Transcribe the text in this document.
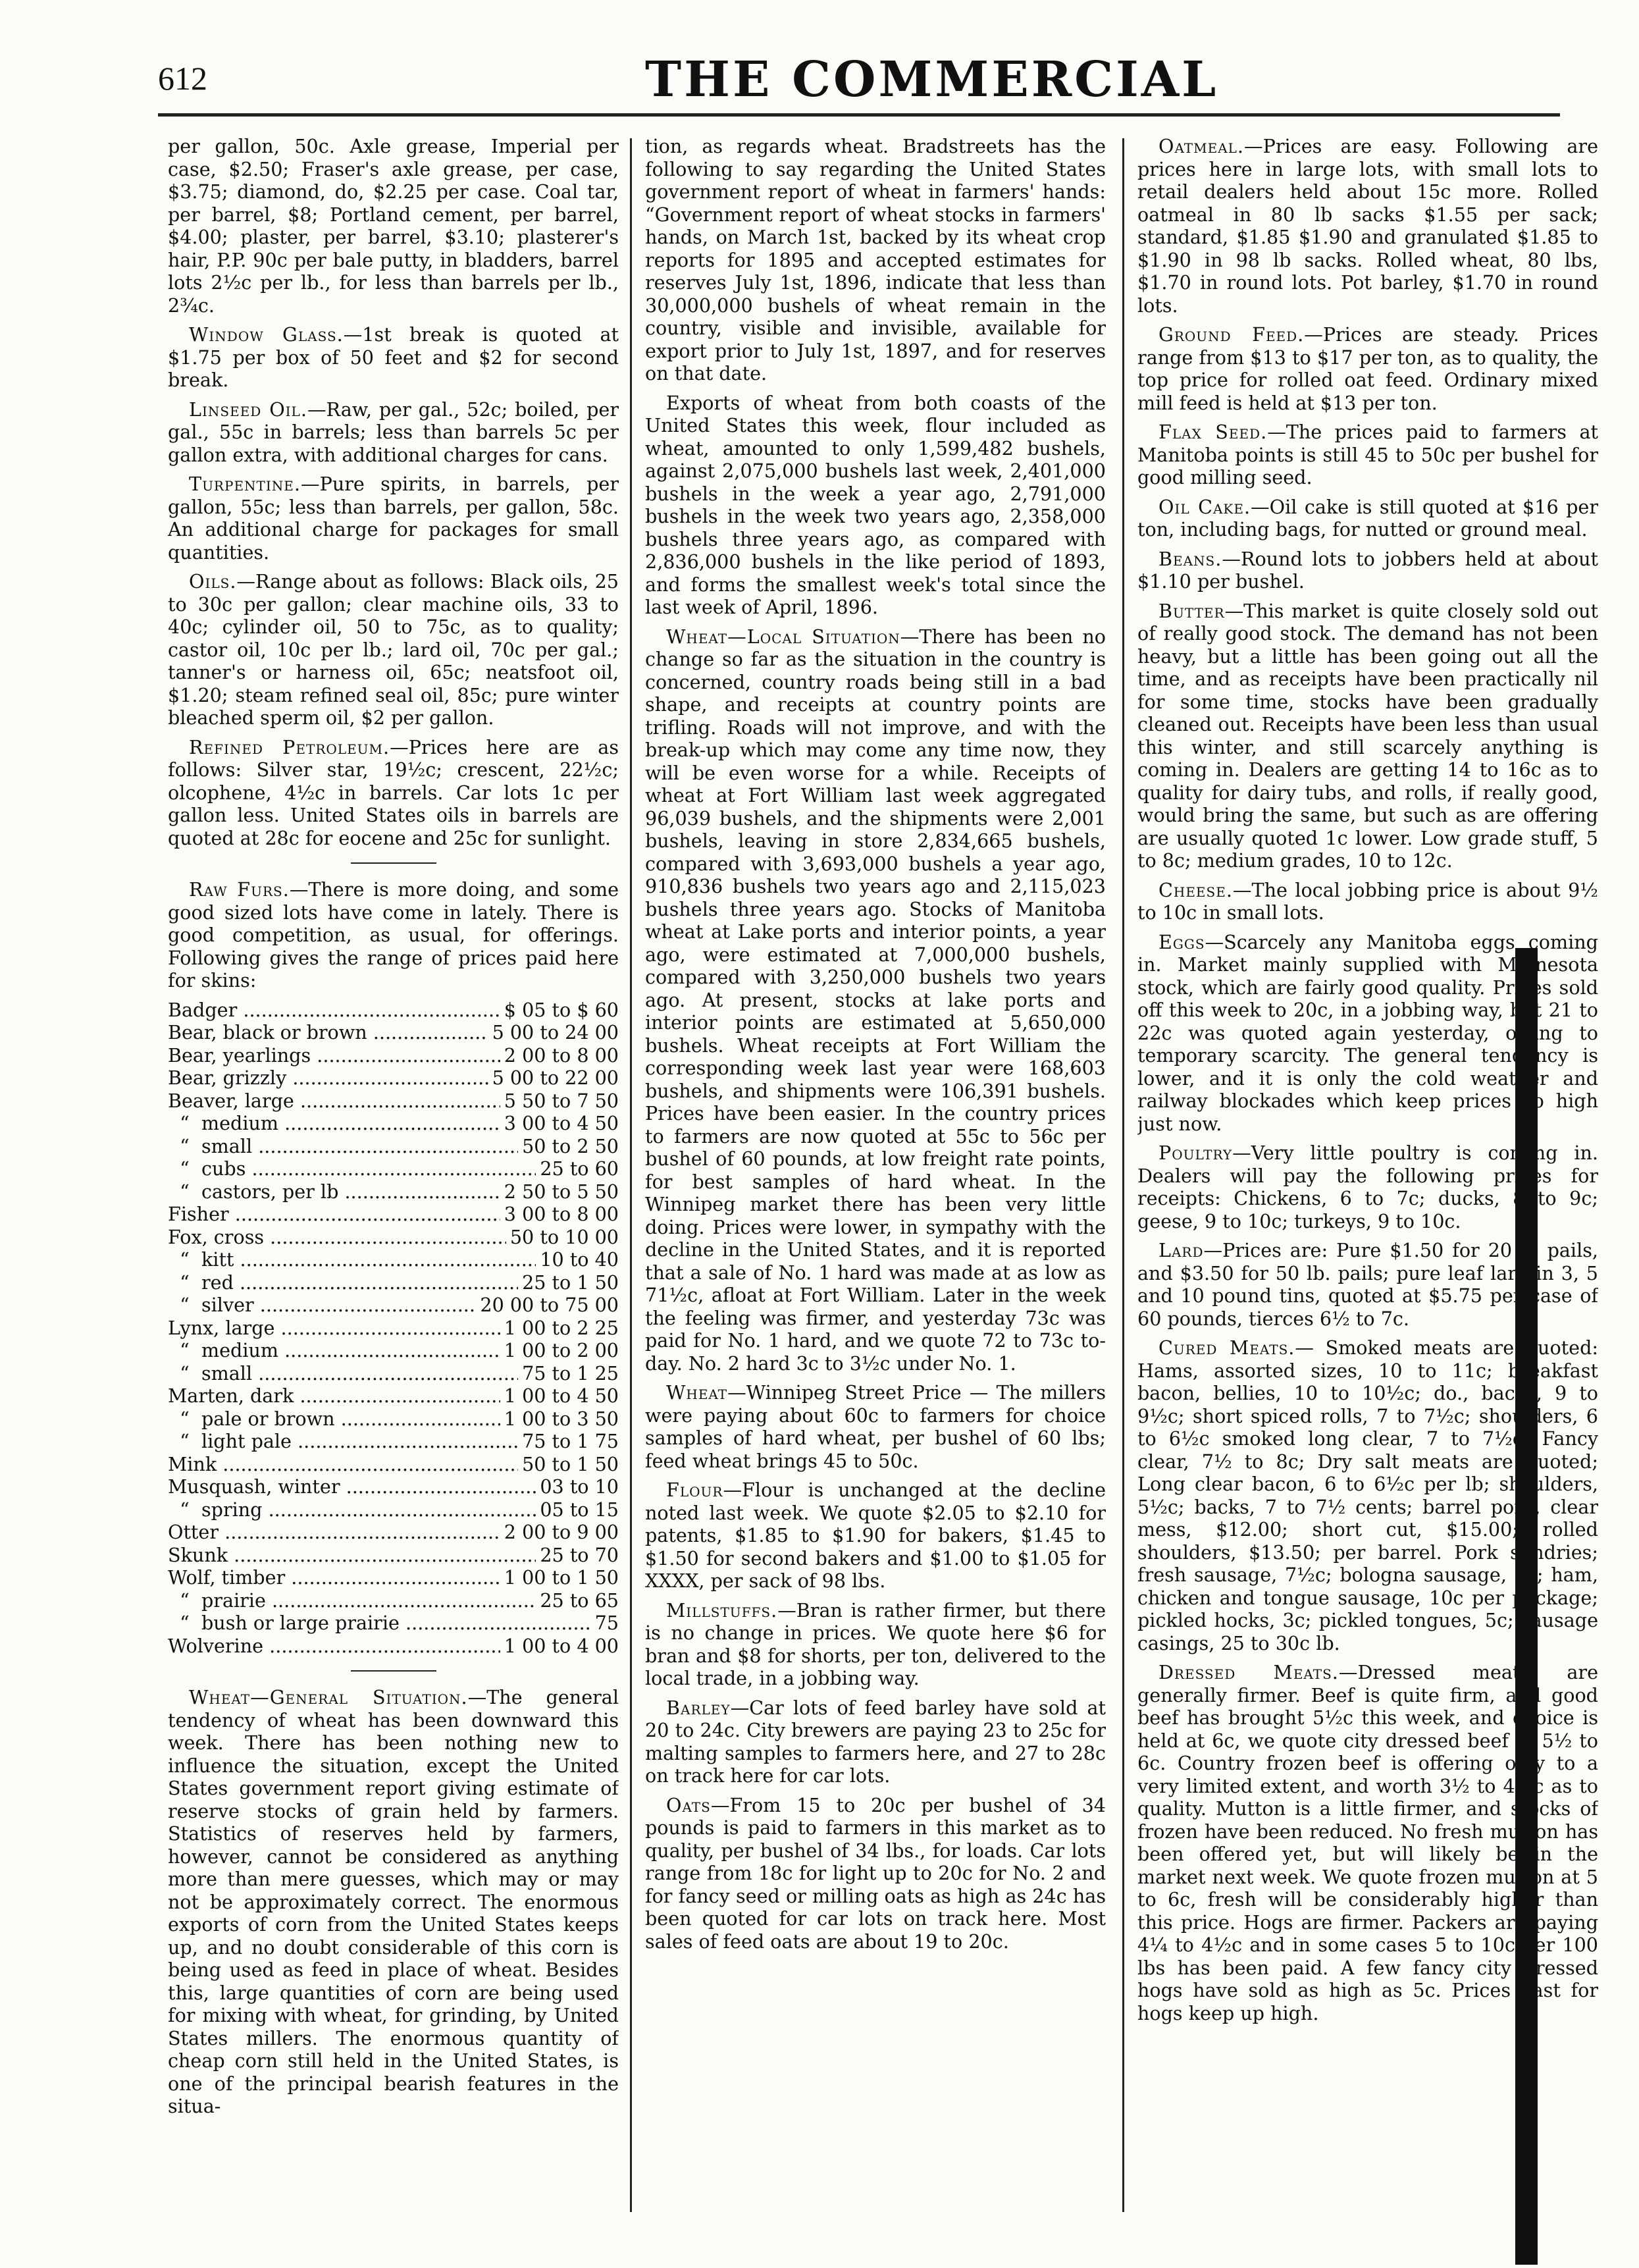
612	THE COMMERCIAL

per gallon, 50c. Axle grease, Imperial per case, $2.50; Fraser's axle grease, per case, $3.75; diamond, do, $2.25 per case. Coal tar, per barrel, $8; Portland cement, per barrel, $4.00; plaster, per barrel, $3.10; plasterer's hair, P.P. 90c per bale putty, in bladders, barrel lots 2½c per lb., for less than barrels per lb., 2¾c.

Window Glass.—1st break is quoted at $1.75 per box of 50 feet and $2 for second break.

Linseed Oil.—Raw, per gal., 52c; boiled, per gal., 55c in barrels; less than barrels 5c per gallon extra, with additional charges for cans.

Turpentine.—Pure spirits, in barrels, per gallon, 55c; less than barrels, per gallon, 58c. An additional charge for packages for small quantities.

Oils.—Range about as follows: Black oils, 25 to 30c per gallon; clear machine oils, 33 to 40c; cylinder oil, 50 to 75c, as to quality; castor oil, 10c per lb.; lard oil, 70c per gal.; tanner's or harness oil, 65c; neatsfoot oil, $1.20; steam refined seal oil, 85c; pure winter bleached sperm oil, $2 per gallon.

Refined Petroleum.—Prices here are as follows: Silver star, 19½c; crescent, 22½c; olcophene, 4½c in barrels. Car lots 1c per gallon less. United States oils in barrels are quoted at 28c for eocene and 25c for sunlight.

Raw Furs.—There is more doing, and some good sized lots have come in lately. There is good competition, as usual, for offerings. Following gives the range of prices paid here for skins:

Badger .....	$ 05 to $ 60
Bear, black or brown .....	5 00 to 24 00
Bear, yearlings .....	2 00 to 8 00
Bear, grizzly .....	5 00 to 22 00
Beaver, large .....	5 50 to 7 50
“  medium .....	3 00 to 4 50
“  small .....	50 to 2 50
“  cubs .....	25 to 60
“  castors, per lb .....	2 50 to 5 50
Fisher .....	3 00 to 8 00
Fox, cross .....	50 to 10 00
“  kitt .....	10 to 40
“  red .....	25 to 1 50
“  silver .....	20 00 to 75 00
Lynx, large .....	1 00 to 2 25
“  medium .....	1 00 to 2 00
“  small .....	75 to 1 25
Marten, dark .....	1 00 to 4 50
“  pale or brown .....	1 00 to 3 50
“  light pale .....	75 to 1 75
Mink .....	50 to 1 50
Musquash, winter .....	03 to 10
“  spring .....	05 to 15
Otter .....	2 00 to 9 00
Skunk .....	25 to 70
Wolf, timber .....	1 00 to 1 50
“  prairie .....	25 to 65
“  bush or large prairie .....	75
Wolverine .....	1 00 to 4 00

Wheat—General Situation.—The general tendency of wheat has been downward this week. There has been nothing new to influence the situation, except the United States government report giving estimate of reserve stocks of grain held by farmers. Statistics of reserves held by farmers, however, cannot be considered as anything more than mere guesses, which may or may not be approximately correct. The enormous exports of corn from the United States keeps up, and no doubt considerable of this corn is being used as feed in place of wheat. Besides this, large quantities of corn are being used for mixing with wheat, for grinding, by United States millers. The enormous quantity of cheap corn still held in the United States, is one of the principal bearish features in the situa-

tion, as regards wheat. Bradstreets has the following to say regarding the United States government report of wheat in farmers' hands: “Government report of wheat stocks in farmers' hands, on March 1st, backed by its wheat crop reports for 1895 and accepted estimates for reserves July 1st, 1896, indicate that less than 30,000,000 bushels of wheat remain in the country, visible and invisible, available for export prior to July 1st, 1897, and for reserves on that date.

Exports of wheat from both coasts of the United States this week, flour included as wheat, amounted to only 1,599,482 bushels, against 2,075,000 bushels last week, 2,401,000 bushels in the week a year ago, 2,791,000 bushels in the week two years ago, 2,358,000 bushels three years ago, as compared with 2,836,000 bushels in the like period of 1893, and forms the smallest week's total since the last week of April, 1896.

Wheat—Local Situation—There has been no change so far as the situation in the country is concerned, country roads being still in a bad shape, and receipts at country points are trifling. Roads will not improve, and with the break-up which may come any time now, they will be even worse for a while. Receipts of wheat at Fort William last week aggregated 96,039 bushels, and the shipments were 2,001 bushels, leaving in store 2,834,665 bushels, compared with 3,693,000 bushels a year ago, 910,836 bushels two years ago and 2,115,023 bushels three years ago. Stocks of Manitoba wheat at Lake ports and interior points, a year ago, were estimated at 7,000,000 bushels, compared with 3,250,000 bushels two years ago. At present, stocks at lake ports and interior points are estimated at 5,650,000 bushels. Wheat receipts at Fort William the corresponding week last year were 168,603 bushels, and shipments were 106,391 bushels. Prices have been easier. In the country prices to farmers are now quoted at 55c to 56c per bushel of 60 pounds, at low freight rate points, for best samples of hard wheat. In the Winnipeg market there has been very little doing. Prices were lower, in sympathy with the decline in the United States, and it is reported that a sale of No. 1 hard was made at as low as 71½c, afloat at Fort William. Later in the week the feeling was firmer, and yesterday 73c was paid for No. 1 hard, and we quote 72 to 73c to-day. No. 2 hard 3c to 3½c under No. 1.

Wheat—Winnipeg Street Price — The millers were paying about 60c to farmers for choice samples of hard wheat, per bushel of 60 lbs; feed wheat brings 45 to 50c.

Flour—Flour is unchanged at the decline noted last week. We quote $2.05 to $2.10 for patents, $1.85 to $1.90 for bakers, $1.45 to $1.50 for second bakers and $1.00 to $1.05 for XXXX, per sack of 98 lbs.

Millstuffs.—Bran is rather firmer, but there is no change in prices. We quote here $6 for bran and $8 for shorts, per ton, delivered to the local trade, in a jobbing way.

Barley—Car lots of feed barley have sold at 20 to 24c. City brewers are paying 23 to 25c for malting samples to farmers here, and 27 to 28c on track here for car lots.

Oats—From 15 to 20c per bushel of 34 pounds is paid to farmers in this market as to quality, per bushel of 34 lbs., for loads. Car lots range from 18c for light up to 20c for No. 2 and for fancy seed or milling oats as high as 24c has been quoted for car lots on track here. Most sales of feed oats are about 19 to 20c.

Oatmeal.—Prices are easy. Following are prices here in large lots, with small lots to retail dealers held about 15c more. Rolled oatmeal in 80 lb sacks $1.55 per sack; standard, $1.85 $1.90 and granulated $1.85 to $1.90 in 98 lb sacks. Rolled wheat, 80 lbs, $1.70 in round lots. Pot barley, $1.70 in round lots.

Ground Feed.—Prices are steady. Prices range from $13 to $17 per ton, as to quality, the top price for rolled oat feed. Ordinary mixed mill feed is held at $13 per ton.

Flax Seed.—The prices paid to farmers at Manitoba points is still 45 to 50c per bushel for good milling seed.

Oil Cake.—Oil cake is still quoted at $16 per ton, including bags, for nutted or ground meal.

Beans.—Round lots to jobbers held at about $1.10 per bushel.

Butter—This market is quite closely sold out of really good stock. The demand has not been heavy, but a little has been going out all the time, and as receipts have been practically nil for some time, stocks have been gradually cleaned out. Receipts have been less than usual this winter, and still scarcely anything is coming in. Dealers are getting 14 to 16c as to quality for dairy tubs, and rolls, if really good, would bring the same, but such as are offering are usually quoted 1c lower. Low grade stuff, 5 to 8c; medium grades, 10 to 12c.

Cheese.—The local jobbing price is about 9½ to 10c in small lots.

Eggs—Scarcely any Manitoba eggs coming in. Market mainly supplied with Minnesota stock, which are fairly good quality. Prices sold off this week to 20c, in a jobbing way, but 21 to 22c was quoted again yesterday, owing to temporary scarcity. The general tendency is lower, and it is only the cold weather and railway blockades which keep prices so high just now.

Poultry—Very little poultry is coming in. Dealers will pay the following prices for receipts: Chickens, 6 to 7c; ducks, 8 to 9c; geese, 9 to 10c; turkeys, 9 to 10c.

Lard—Prices are: Pure $1.50 for 20 lb pails, and $3.50 for 50 lb. pails; pure leaf lard in 3, 5 and 10 pound tins, quoted at $5.75 per case of 60 pounds, tierces 6½ to 7c.

Cured Meats.— Smoked meats are quoted: Hams, assorted sizes, 10 to 11c; breakfast bacon, bellies, 10 to 10½c; do., backs, 9 to 9½c; short spiced rolls, 7 to 7½c; shoulders, 6 to 6½c smoked long clear, 7 to 7½c; Fancy clear, 7½ to 8c; Dry salt meats are quoted; Long clear bacon, 6 to 6½c per lb; shoulders, 5½c; backs, 7 to 7½ cents; barrel pork, clear mess, $12.00; short cut, $15.00; rolled shoulders, $13.50; per barrel. Pork sundries; fresh sausage, 7½c; bologna sausage, 6c; ham, chicken and tongue sausage, 10c per package; pickled hocks, 3c; pickled tongues, 5c; sausage casings, 25 to 30c lb.

Dressed Meats.—Dressed meats are generally firmer. Beef is quite firm, and good beef has brought 5½c this week, and choice is held at 6c, we quote city dressed beef at 5½ to 6c. Country frozen beef is offering only to a very limited extent, and worth 3½ to 4½c as to quality. Mutton is a little firmer, and stocks of frozen have been reduced. No fresh mutton has been offered yet, but will likely be in the market next week. We quote frozen mutton at 5 to 6c, fresh will be considerably higher than this price. Hogs are firmer. Packers are paying 4¼ to 4½c and in some cases 5 to 10c per 100 lbs has been paid. A few fancy city dressed hogs have sold as high as 5c. Prices east for hogs keep up high.
